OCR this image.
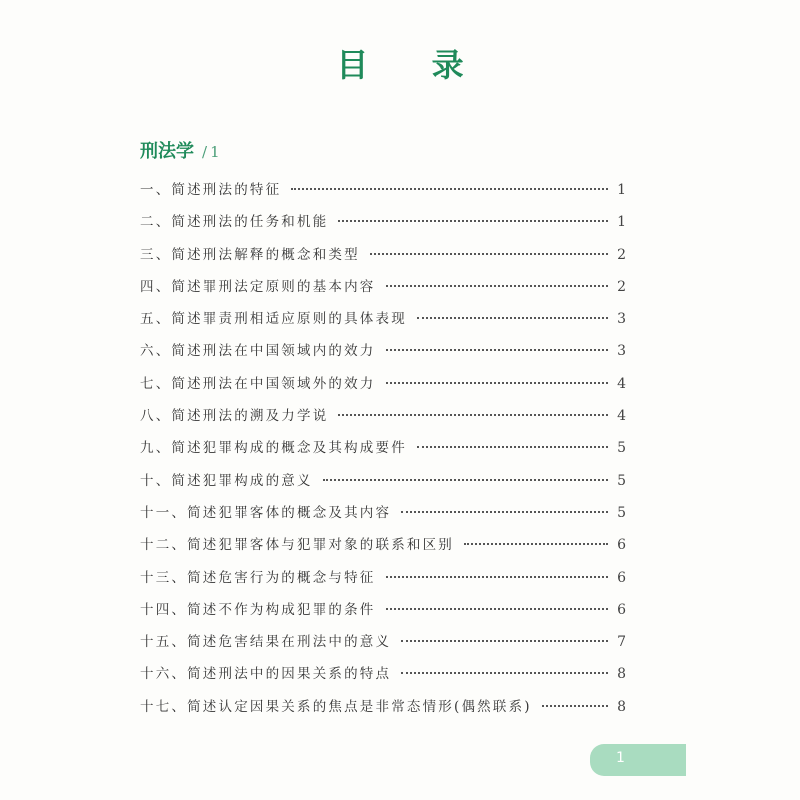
目 录
刑法学 / 1
一、简述刑法的特征	1
二、简述刑法的任务和机能	1
三、简述刑法解释的概念和类型	2
四、简述罪刑法定原则的基本内容	2
五、简述罪责刑相适应原则的具体表现	3
六、简述刑法在中国领域内的效力	3
七、简述刑法在中国领域外的效力	4
八、简述刑法的溯及力学说	4
九、简述犯罪构成的概念及其构成要件	5
十、简述犯罪构成的意义	5
十一、简述犯罪客体的概念及其内容	5
十二、简述犯罪客体与犯罪对象的联系和区别	6
十三、简述危害行为的概念与特征	6
十四、简述不作为构成犯罪的条件	6
十五、简述危害结果在刑法中的意义	7
十六、简述刑法中的因果关系的特点	8
十七、简述认定因果关系的焦点是非常态情形(偶然联系)	8
1
